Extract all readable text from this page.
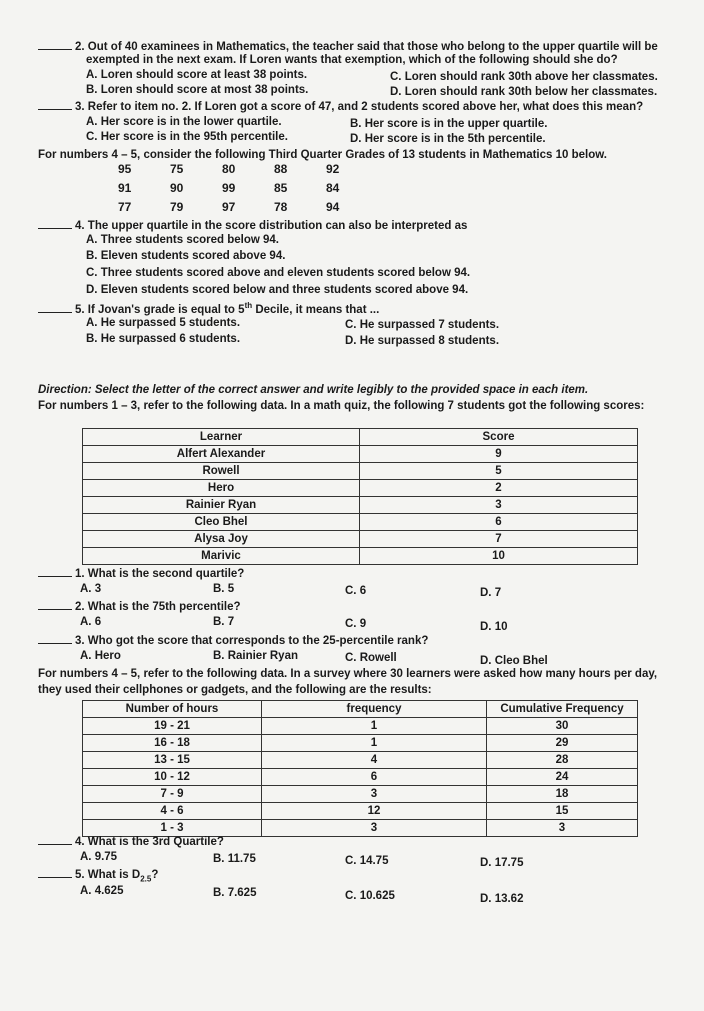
2. Out of 40 examinees in Mathematics, the teacher said that those who belong to the upper quartile will be
exempted in the next exam. If Loren wants that exemption, which of the following should she do?
A. Loren should score at least 38 points.	C. Loren should rank 30th above her classmates.
B. Loren should score at most 38 points.	D. Loren should rank 30th below her classmates.
3. Refer to item no. 2. If Loren got a score of 47, and 2 students scored above her, what does this mean?
A. Her score is in the lower quartile.	B. Her score is in the upper quartile.
C. Her score is in the 95th percentile.	D. Her score is in the 5th percentile.
For numbers 4 – 5, consider the following Third Quarter Grades of 13 students in Mathematics 10 below.
95	75	80	88	92
91	90	99	85	84
77	79	97	78	94
4. The upper quartile in the score distribution can also be interpreted as
A. Three students scored below 94.
B. Eleven students scored above 94.
C. Three students scored above and eleven students scored below 94.
D. Eleven students scored below and three students scored above 94.
5. If Jovan's grade is equal to 5th Decile, it means that ...
A. He surpassed 5 students.	C. He surpassed 7 students.
B. He surpassed 6 students.	D. He surpassed 8 students.
Direction: Select the letter of the correct answer and write legibly to the provided space in each item.
For numbers 1 – 3, refer to the following data. In a math quiz, the following 7 students got the following scores:
Learner	Score
Alfert Alexander	9
Rowell	5
Hero	2
Rainier Ryan	3
Cleo Bhel	6
Alysa Joy	7
Marivic	10
1. What is the second quartile?
A. 3	B. 5	C. 6	D. 7
2. What is the 75th percentile?
A. 6	B. 7	C. 9	D. 10
3. Who got the score that corresponds to the 25-percentile rank?
A. Hero	B. Rainier Ryan	C. Rowell	D. Cleo Bhel
For numbers 4 – 5, refer to the following data. In a survey where 30 learners were asked how many hours per day,
they used their cellphones or gadgets, and the following are the results:
Number of hours	frequency	Cumulative Frequency
19 - 21	1	30
16 - 18	1	29
13 - 15	4	28
10 - 12	6	24
7 - 9	3	18
4 - 6	12	15
1 - 3	3	3
4. What is the 3rd Quartile?
A. 9.75	B. 11.75	C. 14.75	D. 17.75
5. What is $D_{2.5}$?
A. 4.625	B. 7.625	C. 10.625	D. 13.62
